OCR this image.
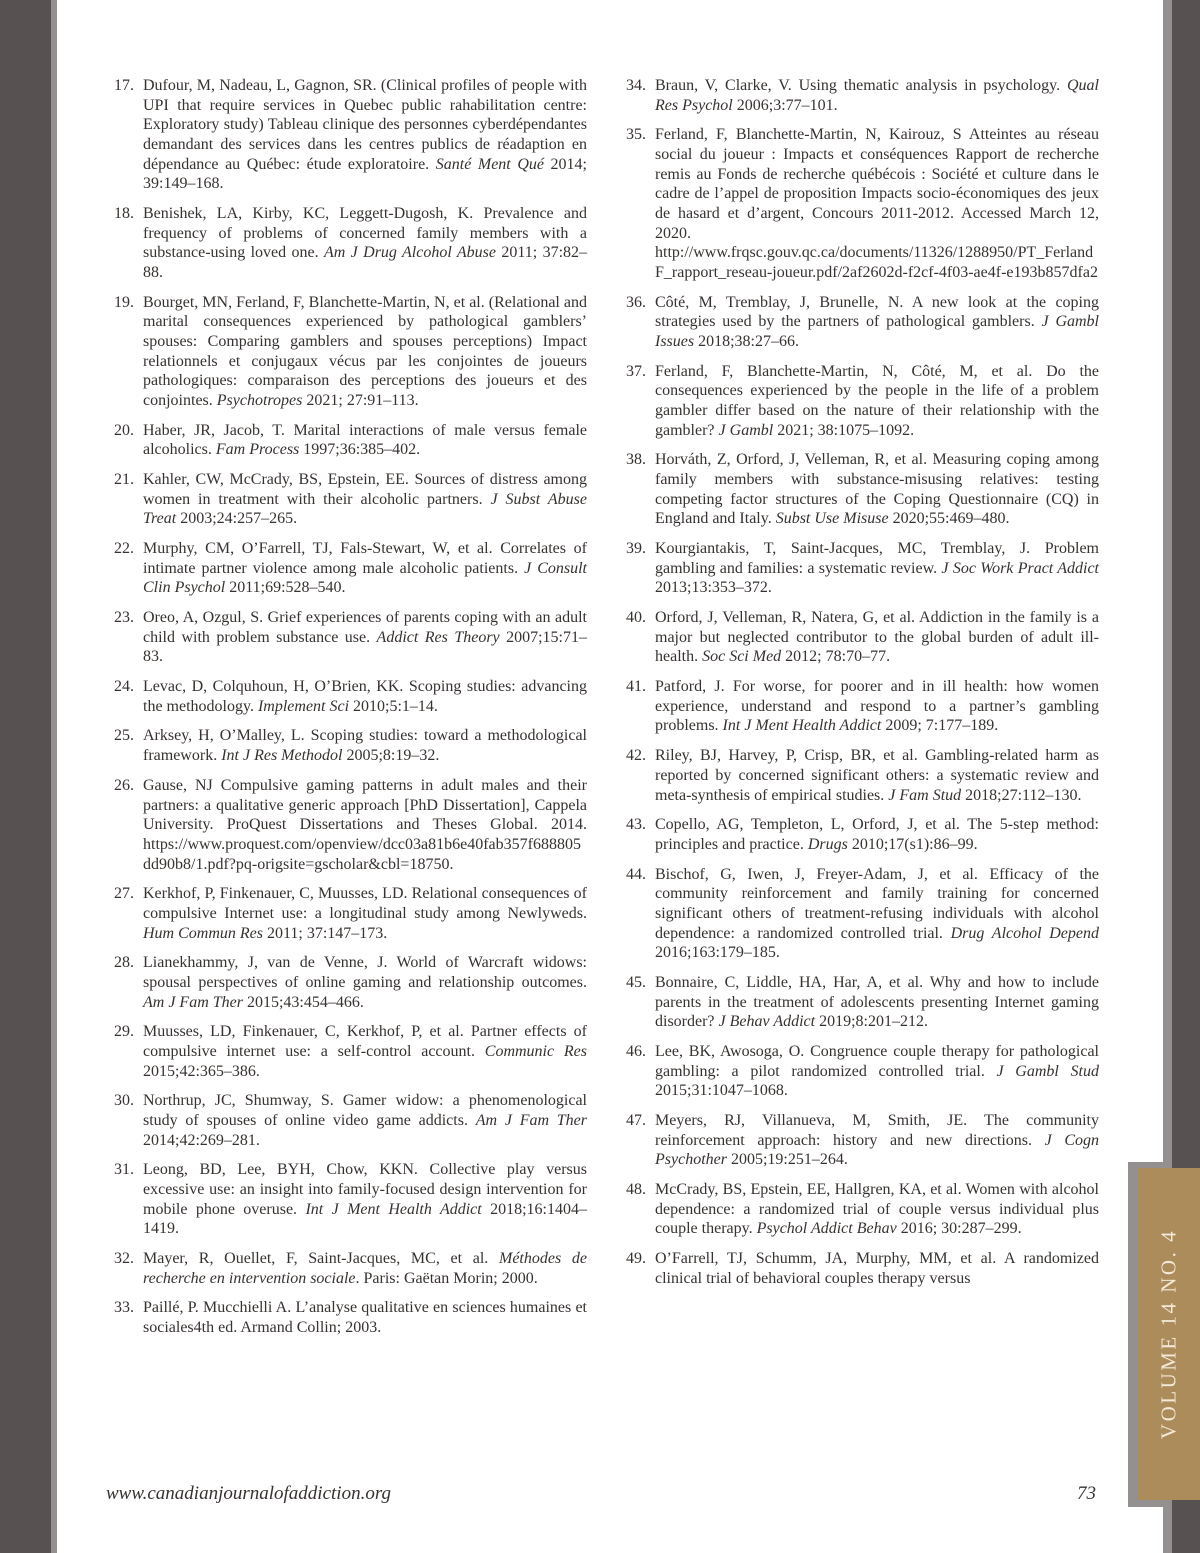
17. Dufour, M, Nadeau, L, Gagnon, SR. (Clinical profiles of people with UPI that require services in Quebec public rahabilitation centre: Exploratory study) Tableau clinique des personnes cyberdépendantes demandant des services dans les centres publics de réadaption en dépendance au Québec: étude exploratoire. Santé Ment Qué 2014; 39:149–168.
18. Benishek, LA, Kirby, KC, Leggett-Dugosh, K. Prevalence and frequency of problems of concerned family members with a substance-using loved one. Am J Drug Alcohol Abuse 2011; 37:82–88.
19. Bourget, MN, Ferland, F, Blanchette-Martin, N, et al. (Relational and marital consequences experienced by pathological gamblers’ spouses: Comparing gamblers and spouses perceptions) Impact relationnels et conjugaux vécus par les conjointes de joueurs pathologiques: comparaison des perceptions des joueurs et des conjointes. Psychotropes 2021; 27:91–113.
20. Haber, JR, Jacob, T. Marital interactions of male versus female alcoholics. Fam Process 1997;36:385–402.
21. Kahler, CW, McCrady, BS, Epstein, EE. Sources of distress among women in treatment with their alcoholic partners. J Subst Abuse Treat 2003;24:257–265.
22. Murphy, CM, O’Farrell, TJ, Fals-Stewart, W, et al. Correlates of intimate partner violence among male alcoholic patients. J Consult Clin Psychol 2011;69:528–540.
23. Oreo, A, Ozgul, S. Grief experiences of parents coping with an adult child with problem substance use. Addict Res Theory 2007;15:71–83.
24. Levac, D, Colquhoun, H, O’Brien, KK. Scoping studies: advancing the methodology. Implement Sci 2010;5:1–14.
25. Arksey, H, O’Malley, L. Scoping studies: toward a methodological framework. Int J Res Methodol 2005;8:19–32.
26. Gause, NJ Compulsive gaming patterns in adult males and their partners: a qualitative generic approach [PhD Dissertation], Cappela University. ProQuest Dissertations and Theses Global. 2014. https://www.proquest.com/openview/dcc03a81b6e40fab357f688805dd90b8/1.pdf?pq-origsite=gscholar&cbl=18750.
27. Kerkhof, P, Finkenauer, C, Muusses, LD. Relational consequences of compulsive Internet use: a longitudinal study among Newlyweds. Hum Commun Res 2011; 37:147–173.
28. Lianekhammy, J, van de Venne, J. World of Warcraft widows: spousal perspectives of online gaming and relationship outcomes. Am J Fam Ther 2015;43:454–466.
29. Muusses, LD, Finkenauer, C, Kerkhof, P, et al. Partner effects of compulsive internet use: a self-control account. Communic Res 2015;42:365–386.
30. Northrup, JC, Shumway, S. Gamer widow: a phenomenological study of spouses of online video game addicts. Am J Fam Ther 2014;42:269–281.
31. Leong, BD, Lee, BYH, Chow, KKN. Collective play versus excessive use: an insight into family-focused design intervention for mobile phone overuse. Int J Ment Health Addict 2018;16:1404–1419.
32. Mayer, R, Ouellet, F, Saint-Jacques, MC, et al. Méthodes de recherche en intervention sociale. Paris: Gaëtan Morin; 2000.
33. Paillé, P. Mucchielli A. L’analyse qualitative en sciences humaines et sociales4th ed. Armand Collin; 2003.
34. Braun, V, Clarke, V. Using thematic analysis in psychology. Qual Res Psychol 2006;3:77–101.
35. Ferland, F, Blanchette-Martin, N, Kairouz, S Atteintes au réseau social du joueur : Impacts et conséquences Rapport de recherche remis au Fonds de recherche québécois : Société et culture dans le cadre de l’appel de proposition Impacts socio-économiques des jeux de hasard et d’argent, Concours 2011-2012. Accessed March 12, 2020. http://www.frqsc.gouv.qc.ca/documents/11326/1288950/PT_FerlandF_rapport_reseau-joueur.pdf/2af2602d-f2cf-4f03-ae4f-e193b857dfa2
36. Côté, M, Tremblay, J, Brunelle, N. A new look at the coping strategies used by the partners of pathological gamblers. J Gambl Issues 2018;38:27–66.
37. Ferland, F, Blanchette-Martin, N, Côté, M, et al. Do the consequences experienced by the people in the life of a problem gambler differ based on the nature of their relationship with the gambler? J Gambl 2021; 38:1075–1092.
38. Horváth, Z, Orford, J, Velleman, R, et al. Measuring coping among family members with substance-misusing relatives: testing competing factor structures of the Coping Questionnaire (CQ) in England and Italy. Subst Use Misuse 2020;55:469–480.
39. Kourgiantakis, T, Saint-Jacques, MC, Tremblay, J. Problem gambling and families: a systematic review. J Soc Work Pract Addict 2013;13:353–372.
40. Orford, J, Velleman, R, Natera, G, et al. Addiction in the family is a major but neglected contributor to the global burden of adult ill-health. Soc Sci Med 2012; 78:70–77.
41. Patford, J. For worse, for poorer and in ill health: how women experience, understand and respond to a partner’s gambling problems. Int J Ment Health Addict 2009; 7:177–189.
42. Riley, BJ, Harvey, P, Crisp, BR, et al. Gambling-related harm as reported by concerned significant others: a systematic review and meta-synthesis of empirical studies. J Fam Stud 2018;27:112–130.
43. Copello, AG, Templeton, L, Orford, J, et al. The 5-step method: principles and practice. Drugs 2010;17(s1):86–99.
44. Bischof, G, Iwen, J, Freyer-Adam, J, et al. Efficacy of the community reinforcement and family training for concerned significant others of treatment-refusing individuals with alcohol dependence: a randomized controlled trial. Drug Alcohol Depend 2016;163:179–185.
45. Bonnaire, C, Liddle, HA, Har, A, et al. Why and how to include parents in the treatment of adolescents presenting Internet gaming disorder? J Behav Addict 2019;8:201–212.
46. Lee, BK, Awosoga, O. Congruence couple therapy for pathological gambling: a pilot randomized controlled trial. J Gambl Stud 2015;31:1047–1068.
47. Meyers, RJ, Villanueva, M, Smith, JE. The community reinforcement approach: history and new directions. J Cogn Psychother 2005;19:251–264.
48. McCrady, BS, Epstein, EE, Hallgren, KA, et al. Women with alcohol dependence: a randomized trial of couple versus individual plus couple therapy. Psychol Addict Behav 2016; 30:287–299.
49. O’Farrell, TJ, Schumm, JA, Murphy, MM, et al. A randomized clinical trial of behavioral couples therapy versus	VOLUME 14 NO. 4
www.canadianjournalofaddiction.org	73
